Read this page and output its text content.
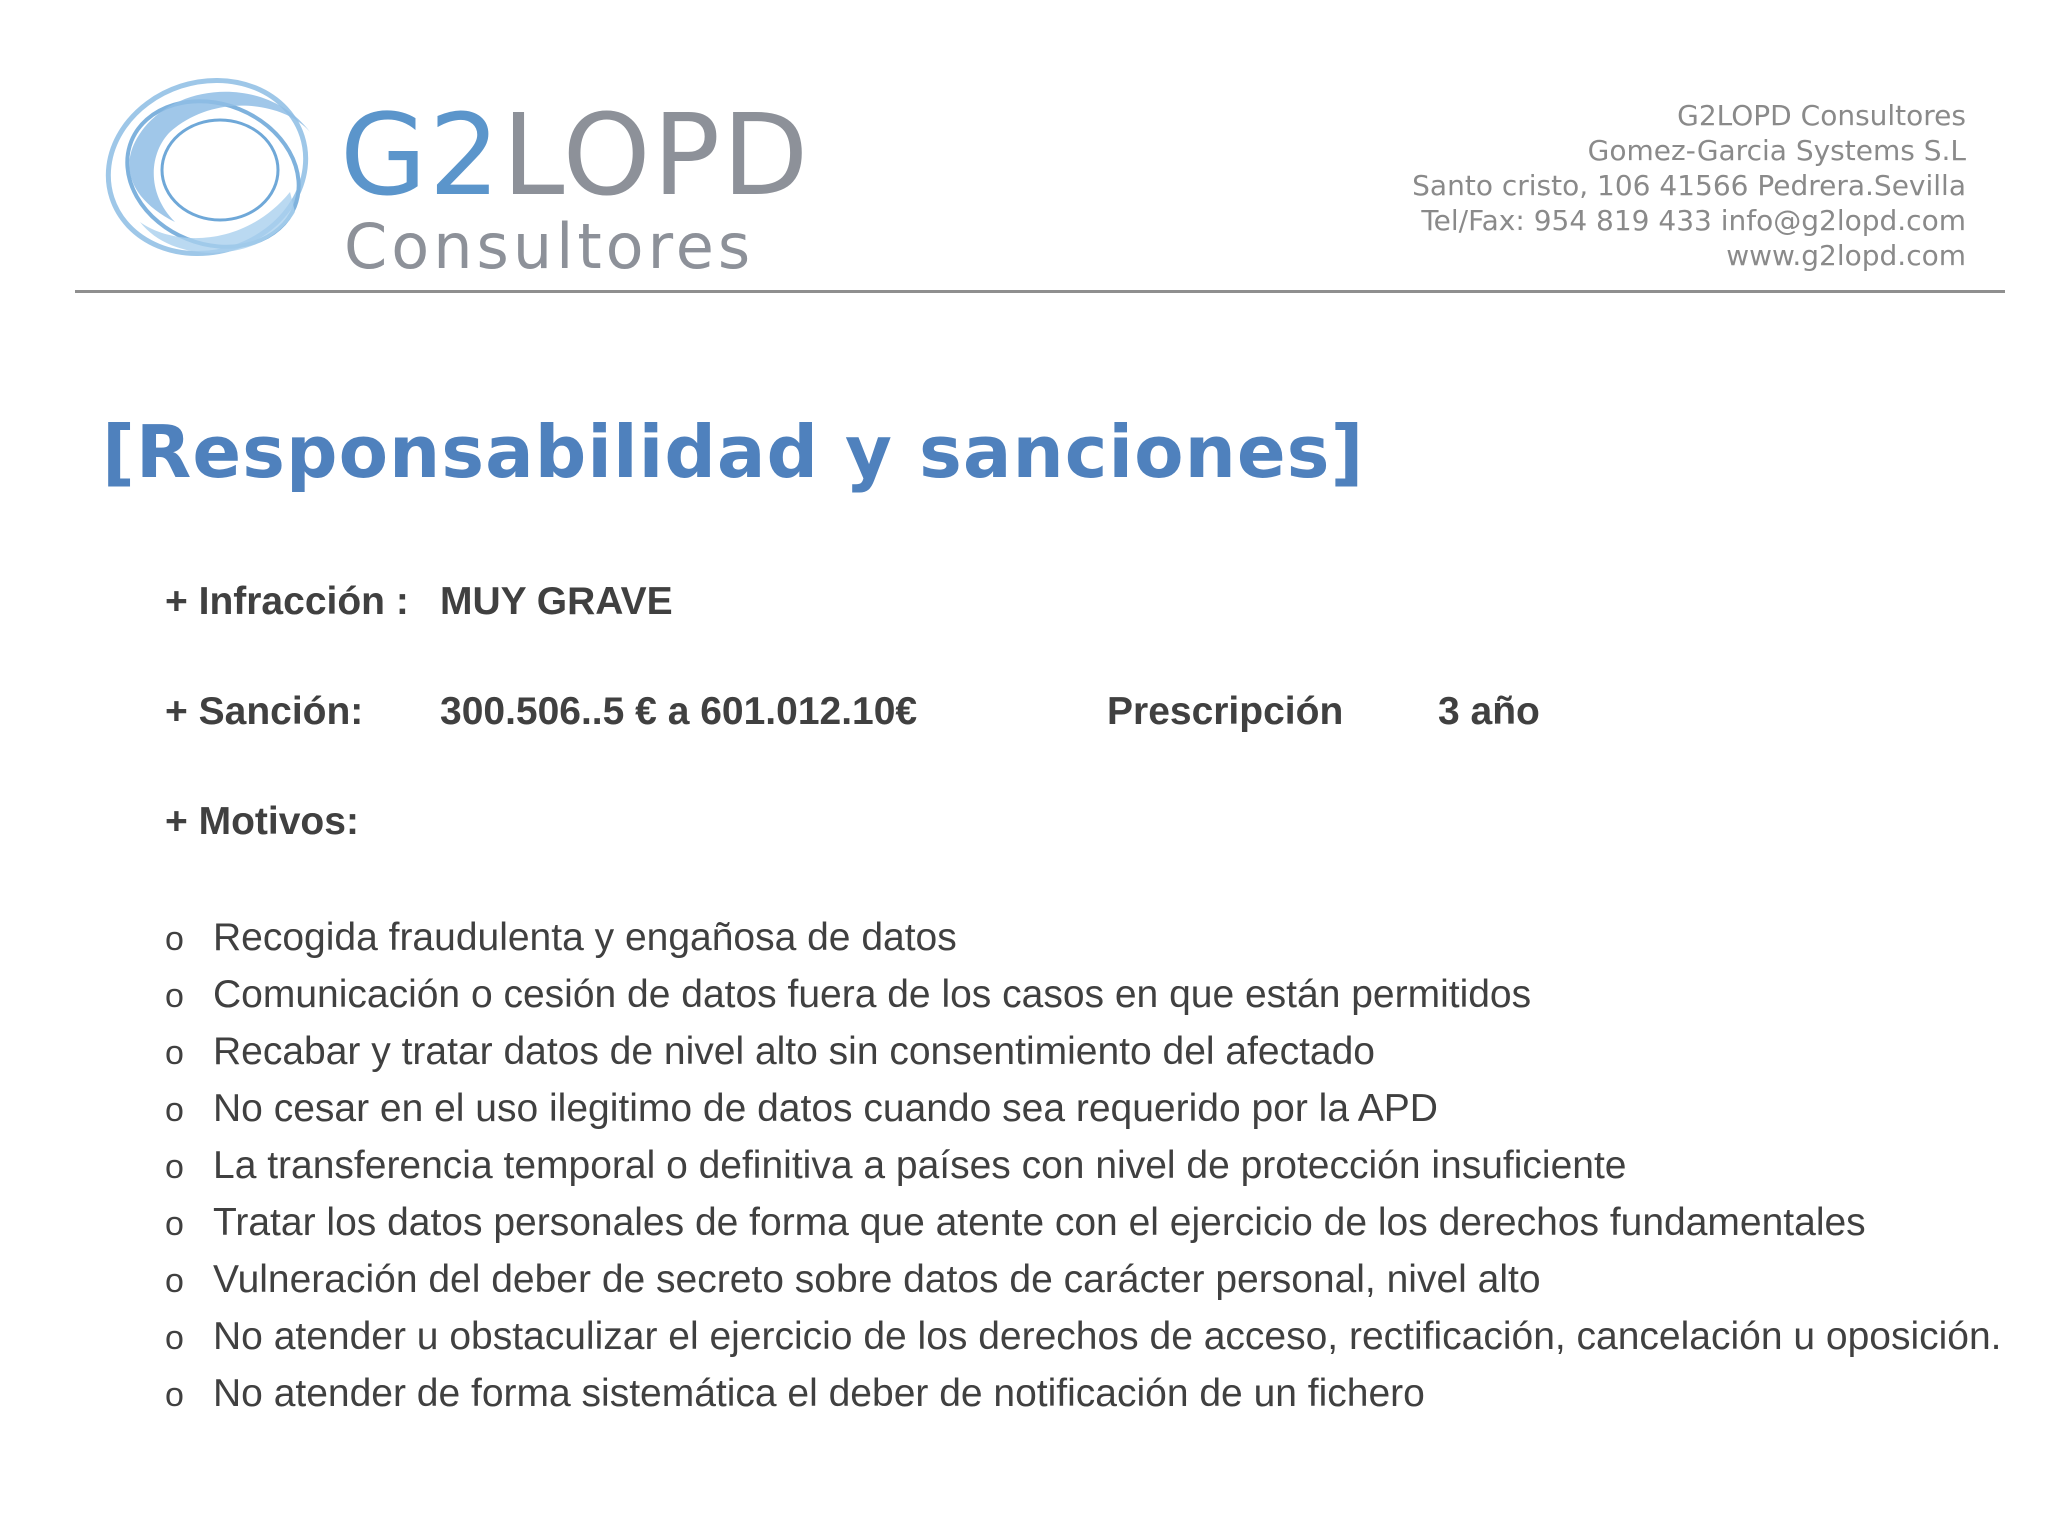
G2LOPD
Consultores
G2LOPD Consultores
Gomez-Garcia Systems S.L
Santo cristo, 106 41566 Pedrera.Sevilla
Tel/Fax: 954 819 433 info@g2lopd.com
www.g2lopd.com
[Responsabilidad y sanciones]
+ Infracción : MUY GRAVE
+ Sanción: 300.506..5 € a 601.012.10€	Prescripción 3 año
+ Motivos:
o Recogida fraudulenta y engañosa de datos
o Comunicación o cesión de datos fuera de los casos en que están permitidos
o Recabar y tratar datos de nivel alto sin consentimiento del afectado
o No cesar en el uso ilegitimo de datos cuando sea requerido por la APD
o La transferencia temporal o definitiva a países con nivel de protección insuficiente
o Tratar los datos personales de forma que atente con el ejercicio de los derechos fundamentales
o Vulneración del deber de secreto sobre datos de carácter personal, nivel alto
o No atender u obstaculizar el ejercicio de los derechos de acceso, rectificación, cancelación u oposición.
o No atender de forma sistemática el deber de notificación de un fichero
